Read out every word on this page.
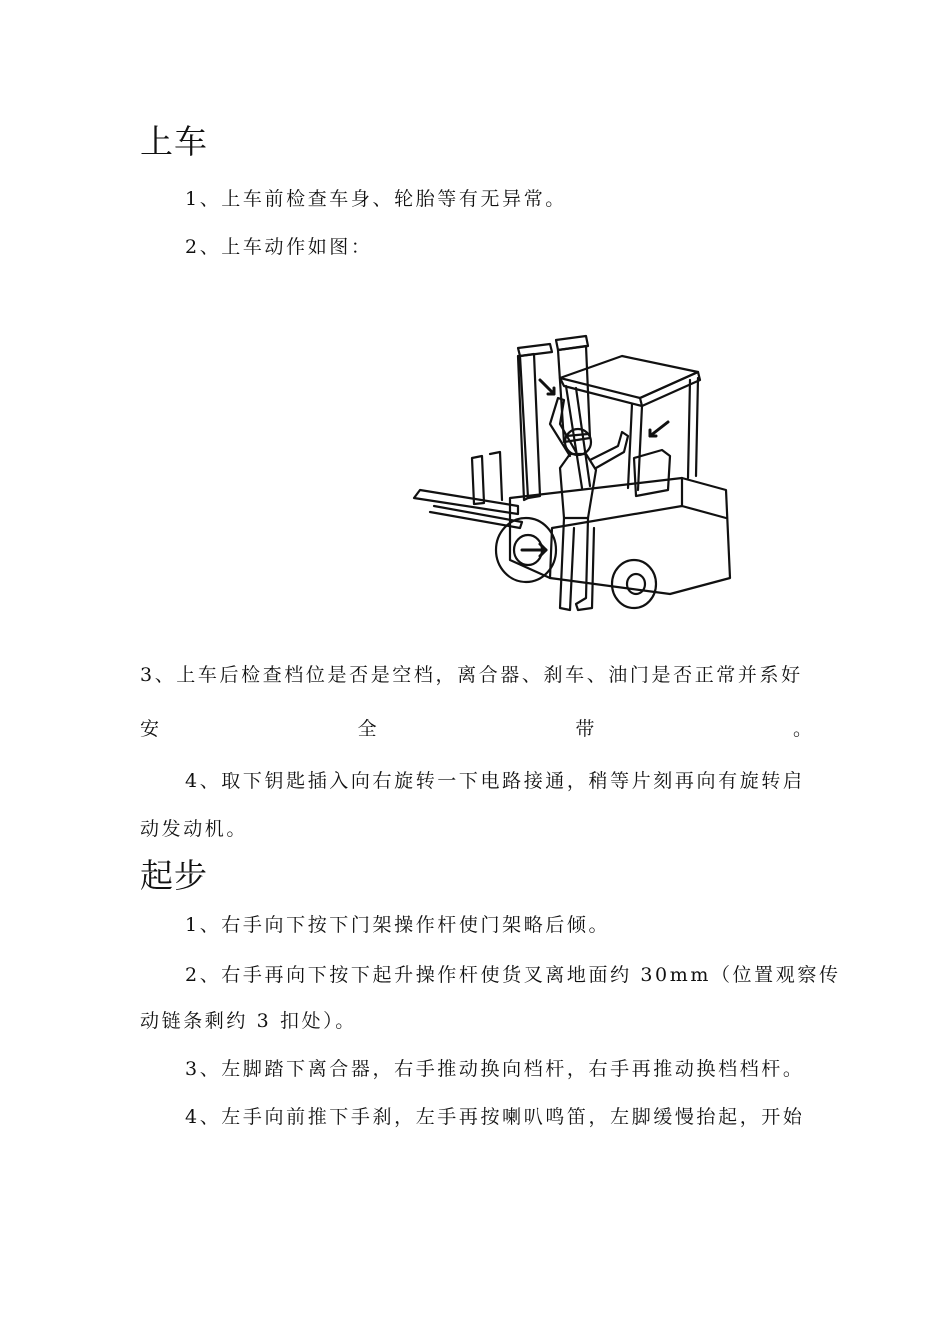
上车
1、上车前检查车身、轮胎等有无异常。
2、上车动作如图：
3、上车后检查档位是否是空档，离合器、刹车、油门是否正常并系好
安	全	带	。
4、取下钥匙插入向右旋转一下电路接通，稍等片刻再向有旋转启
动发动机。
起步
1、右手向下按下门架操作杆使门架略后倾。
2、右手再向下按下起升操作杆使货叉离地面约 30mm（位置观察传
动链条剩约 3 扣处）。
3、左脚踏下离合器，右手推动换向档杆，右手再推动换档档杆。
4、左手向前推下手刹，左手再按喇叭鸣笛，左脚缓慢抬起，开始
